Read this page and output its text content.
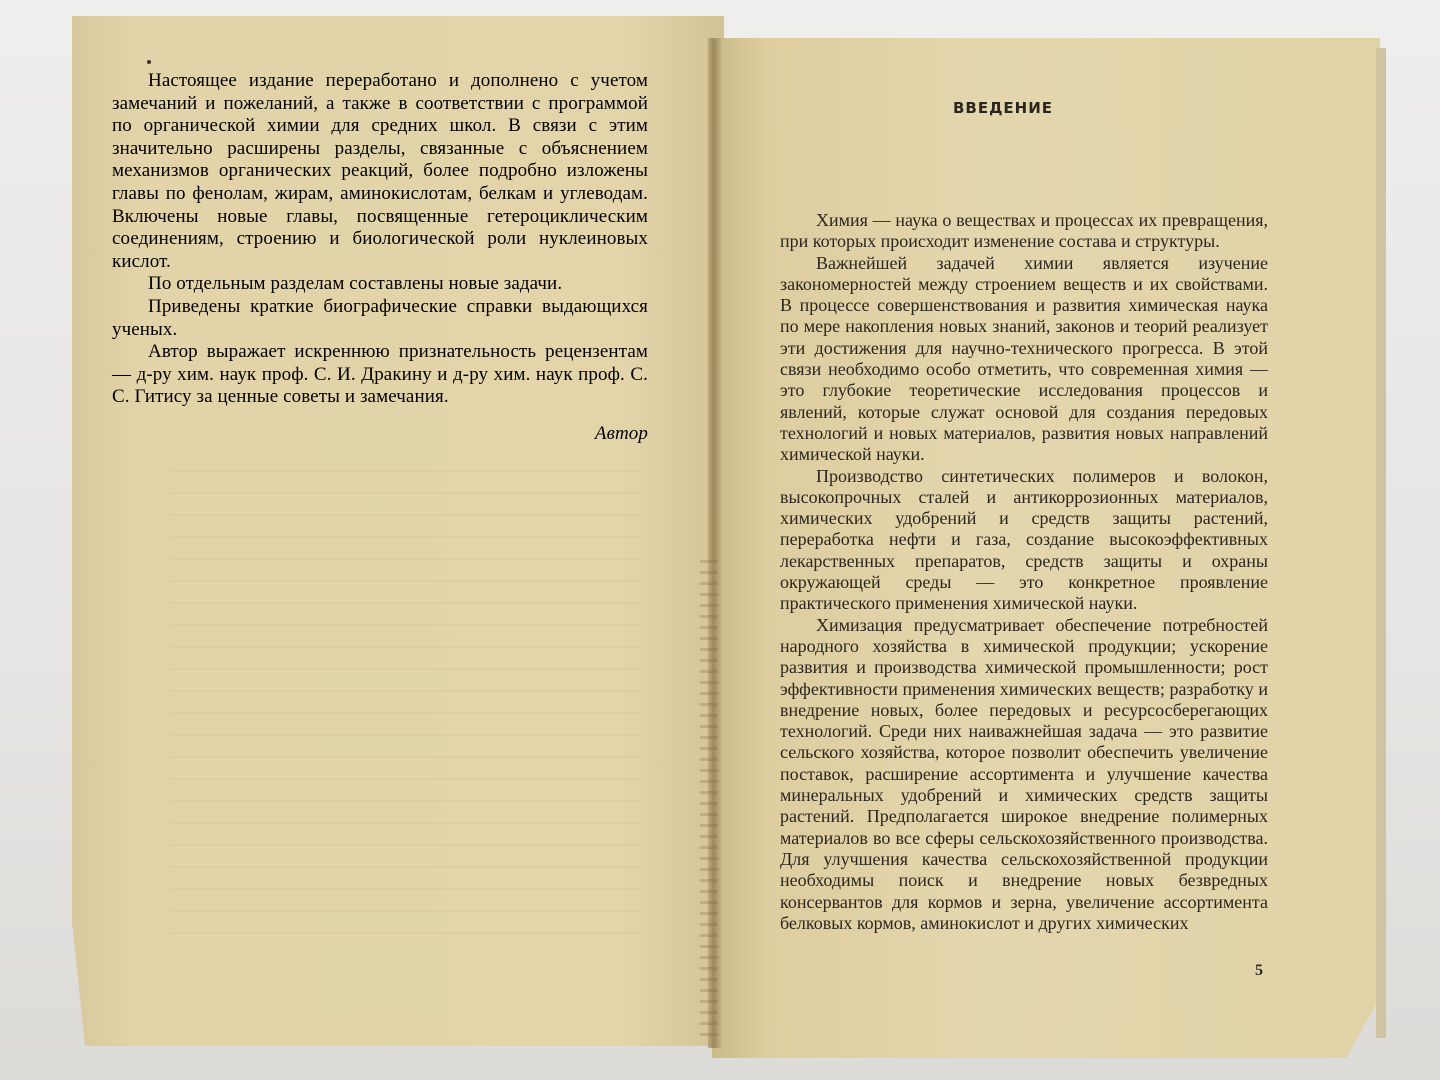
Настоящее издание переработано и дополнено с учетом замечаний и пожеланий, а также в соответствии с программой по органической химии для средних школ. В связи с этим значительно расширены разделы, связанные с объяснением механизмов органических реакций, более подробно изложены главы по фенолам, жирам, аминокислотам, белкам и углеводам. Включены новые главы, посвященные гетероциклическим соединениям, строению и биологической роли нуклеиновых кислот.

По отдельным разделам составлены новые задачи.

Приведены краткие биографические справки выдающихся ученых.

Автор выражает искреннюю признательность рецензентам — д-ру хим. наук проф. С. И. Дракину и д-ру хим. наук проф. С. С. Гитису за ценные советы и замечания.

Автор

ВВЕДЕНИЕ

Химия — наука о веществах и процессах их превращения, при которых происходит изменение состава и структуры.

Важнейшей задачей химии является изучение закономерностей между строением веществ и их свойствами. В процессе совершенствования и развития химическая наука по мере накопления новых знаний, законов и теорий реализует эти достижения для научно-технического прогресса. В этой связи необходимо особо отметить, что современная химия — это глубокие теоретические исследования процессов и явлений, которые служат основой для создания передовых технологий и новых материалов, развития новых направлений химической науки.

Производство синтетических полимеров и волокон, высокопрочных сталей и антикоррозионных материалов, химических удобрений и средств защиты растений, переработка нефти и газа, создание высокоэффективных лекарственных препаратов, средств защиты и охраны окружающей среды — это конкретное проявление практического применения химической науки.

Химизация предусматривает обеспечение потребностей народного хозяйства в химической продукции; ускорение развития и производства химической промышленности; рост эффективности применения химических веществ; разработку и внедрение новых, более передовых и ресурсосберегающих технологий. Среди них наиважнейшая задача — это развитие сельского хозяйства, которое позволит обеспечить увеличение поставок, расширение ассортимента и улучшение качества минеральных удобрений и химических средств защиты растений. Предполагается широкое внедрение полимерных материалов во все сферы сельскохозяйственного производства. Для улучшения качества сельскохозяйственной продукции необходимы поиск и внедрение новых безвредных консервантов для кормов и зерна, увеличение ассортимента белковых кормов, аминокислот и других химических

5
